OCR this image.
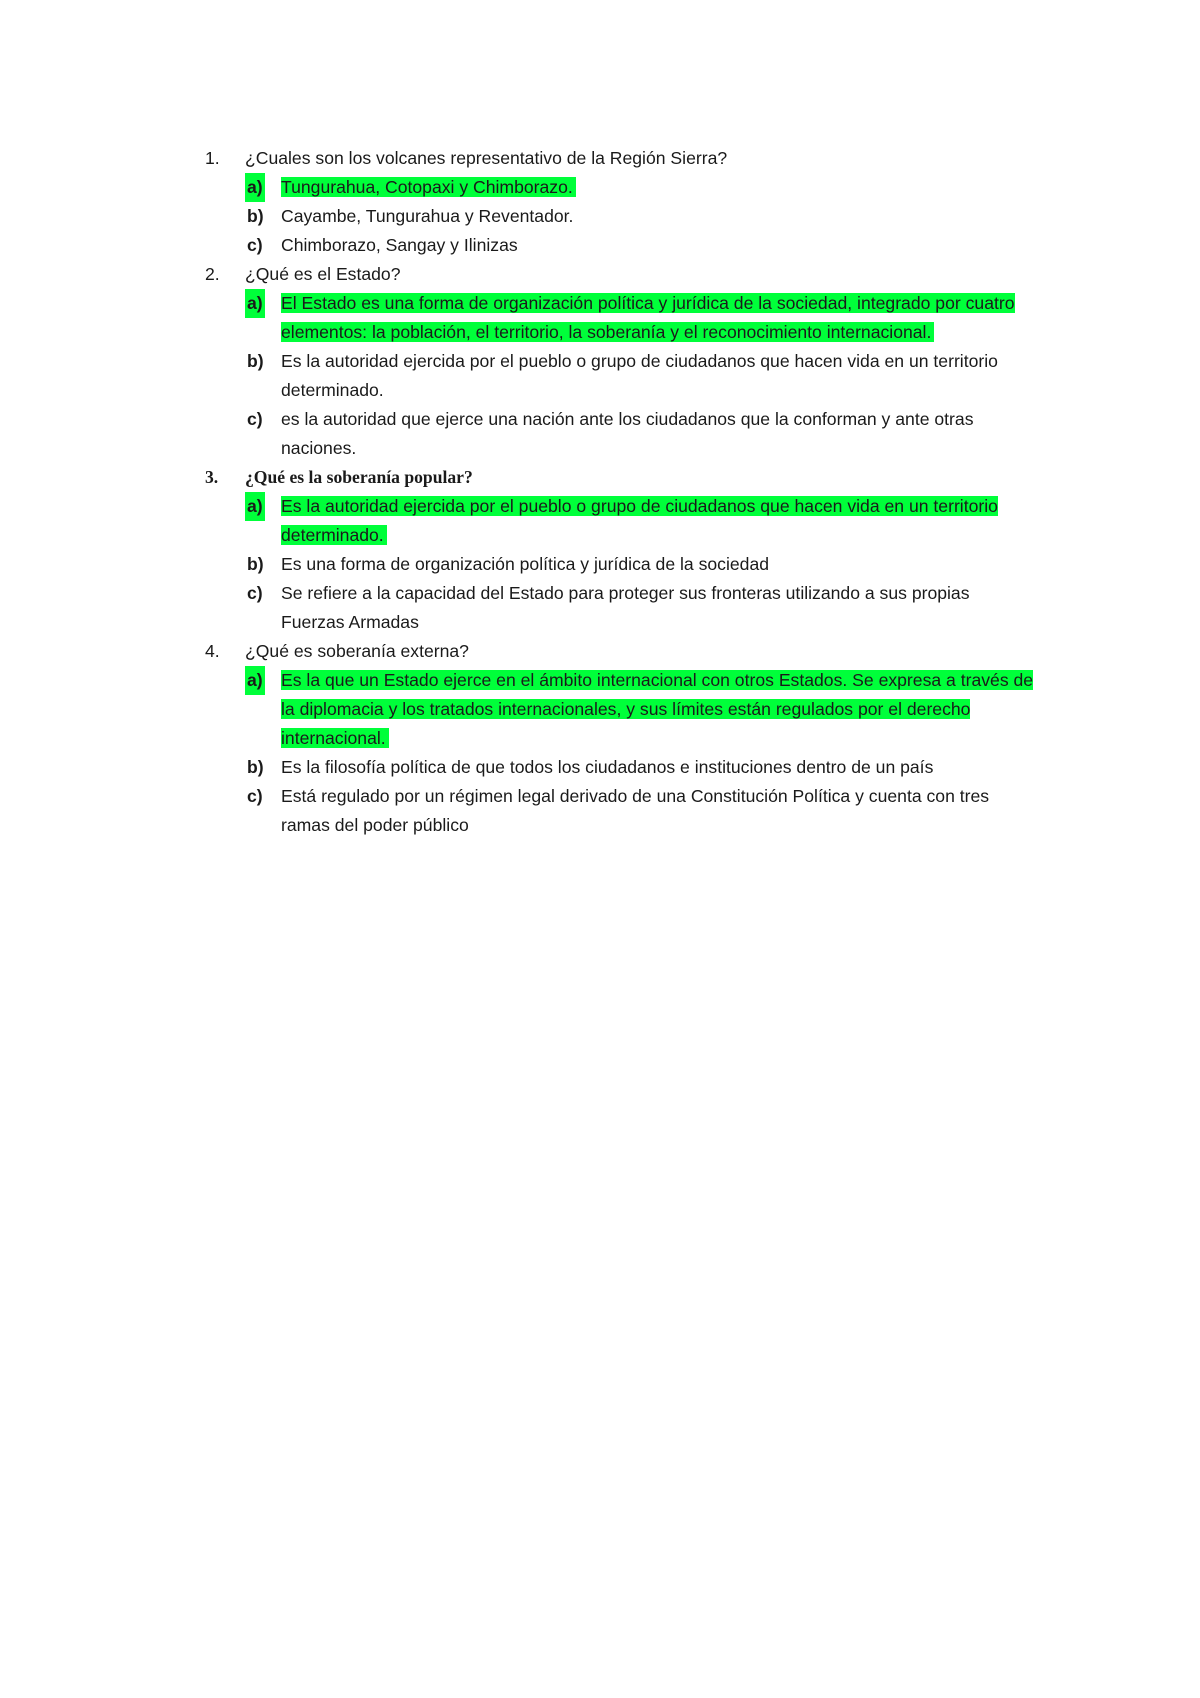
1. ¿Cuales son los volcanes representativo de la Región Sierra?
a) Tungurahua, Cotopaxi y Chimborazo.
b) Cayambe, Tungurahua y Reventador.
c) Chimborazo, Sangay y Ilinizas
2. ¿Qué es el Estado?
a) El Estado es una forma de organización política y jurídica de la sociedad, integrado por cuatro elementos: la población, el territorio, la soberanía y el reconocimiento internacional.
b) Es la autoridad ejercida por el pueblo o grupo de ciudadanos que hacen vida en un territorio determinado.
c) es la autoridad que ejerce una nación ante los ciudadanos que la conforman y ante otras naciones.
3. ¿Qué es la soberanía popular?
a) Es la autoridad ejercida por el pueblo o grupo de ciudadanos que hacen vida en un territorio determinado.
b) Es una forma de organización política y jurídica de la sociedad
c) Se refiere a la capacidad del Estado para proteger sus fronteras utilizando a sus propias Fuerzas Armadas
4. ¿Qué es soberanía externa?
a) Es la que un Estado ejerce en el ámbito internacional con otros Estados. Se expresa a través de la diplomacia y los tratados internacionales, y sus límites están regulados por el derecho internacional.
b) Es la filosofía política de que todos los ciudadanos e instituciones dentro de un país
c) Está regulado por un régimen legal derivado de una Constitución Política y cuenta con tres ramas del poder público
